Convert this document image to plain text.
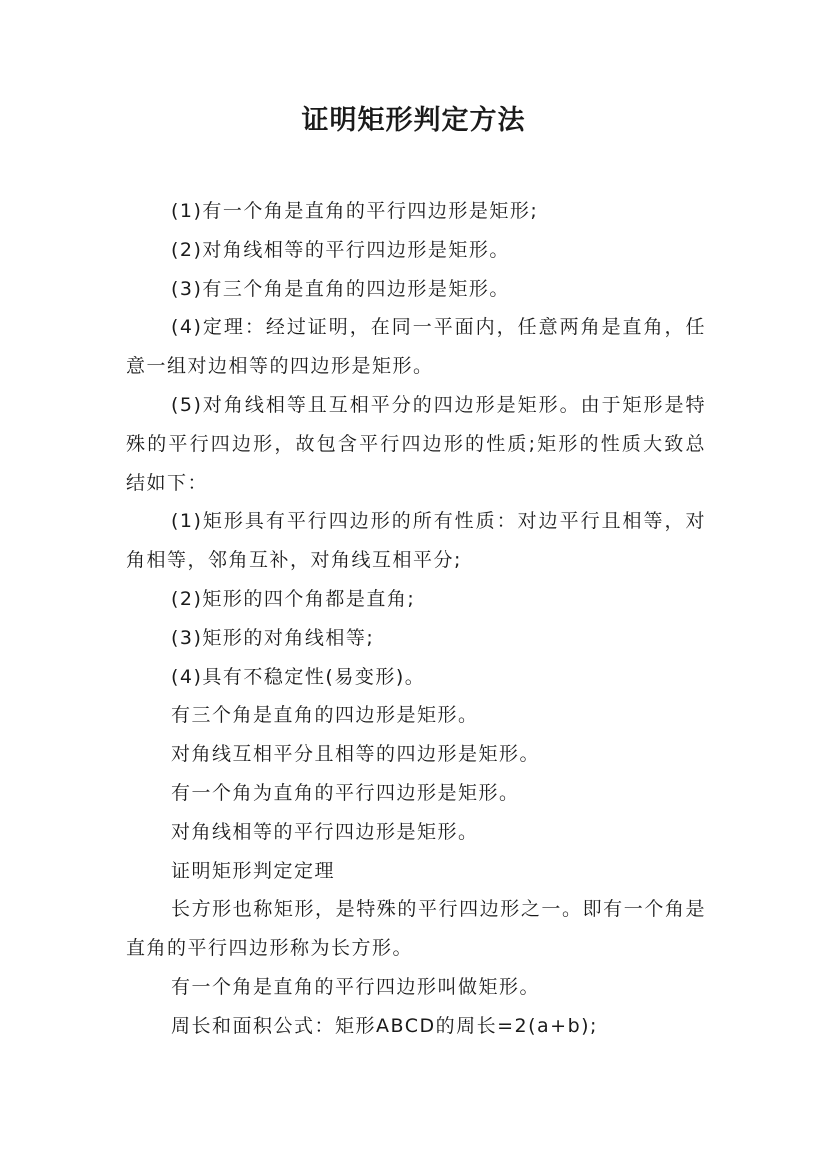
证明矩形判定方法

(1)有一个角是直角的平行四边形是矩形;

(2)对角线相等的平行四边形是矩形。

(3)有三个角是直角的四边形是矩形。

(4)定理：经过证明，在同一平面内，任意两角是直角，任意一组对边相等的四边形是矩形。

(5)对角线相等且互相平分的四边形是矩形。由于矩形是特殊的平行四边形，故包含平行四边形的性质;矩形的性质大致总结如下：

(1)矩形具有平行四边形的所有性质：对边平行且相等，对角相等，邻角互补，对角线互相平分;

(2)矩形的四个角都是直角;

(3)矩形的对角线相等;

(4)具有不稳定性(易变形)。

有三个角是直角的四边形是矩形。

对角线互相平分且相等的四边形是矩形。

有一个角为直角的平行四边形是矩形。

对角线相等的平行四边形是矩形。

证明矩形判定定理

长方形也称矩形，是特殊的平行四边形之一。即有一个角是直角的平行四边形称为长方形。

有一个角是直角的平行四边形叫做矩形。

周长和面积公式：矩形ABCD的周长=2(a+b);
